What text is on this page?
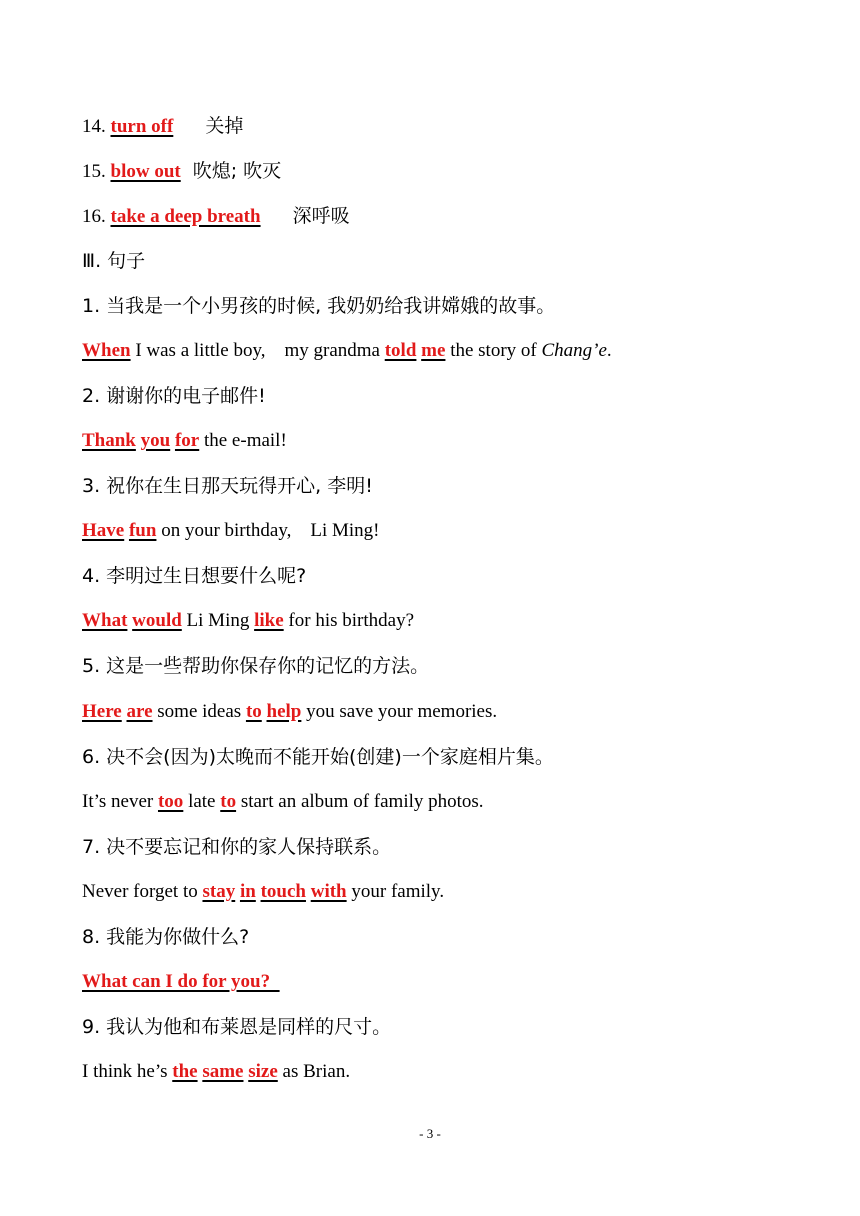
14. turn off 关掉
15. blow out 吹熄; 吹灭
16. take a deep breath 深呼吸
Ⅲ. 句子
1. 当我是一个小男孩的时候, 我奶奶给我讲嫦娥的故事。
When I was a little boy,    my grandma told me the story of Chang’e.
2. 谢谢你的电子邮件!
Thank you for the e-mail!
3. 祝你在生日那天玩得开心, 李明!
Have fun on your birthday,    Li Ming!
4. 李明过生日想要什么呢?
What would Li Ming like for his birthday?
5. 这是一些帮助你保存你的记忆的方法。
Here are some ideas to help you save your memories.
6. 决不会(因为)太晚而不能开始(创建)一个家庭相片集。
It’s never too late to start an album of family photos.
7. 决不要忘记和你的家人保持联系。
Never forget to stay in touch with your family.
8. 我能为你做什么?
What can I do for you?
9. 我认为他和布莱恩是同样的尺寸。
I think he’s the same size as Brian.
- 3 -
